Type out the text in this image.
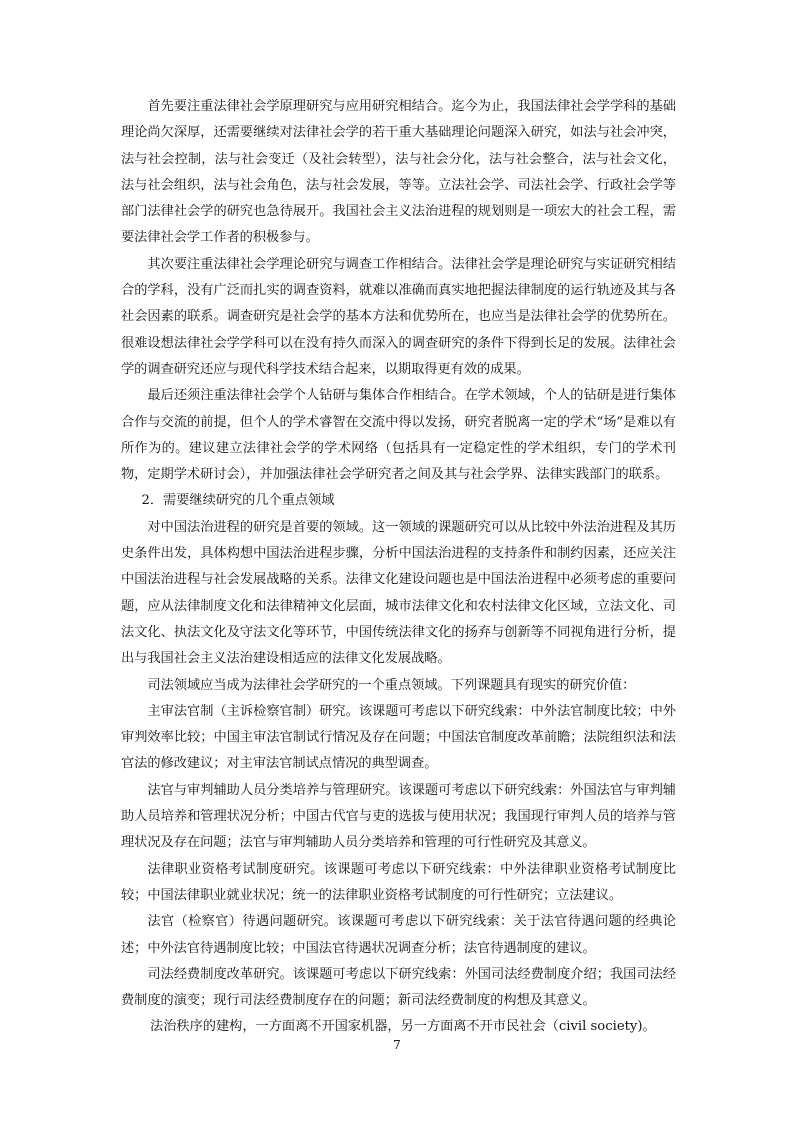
首先要注重法律社会学原理研究与应用研究相结合。迄今为止，我国法律社会学学科的基础理论尚欠深厚，还需要继续对法律社会学的若干重大基础理论问题深入研究，如法与社会冲突，法与社会控制，法与社会变迁（及社会转型），法与社会分化，法与社会整合，法与社会文化，法与社会组织，法与社会角色，法与社会发展，等等。立法社会学、司法社会学、行政社会学等部门法律社会学的研究也急待展开。我国社会主义法治进程的规划则是一项宏大的社会工程，需要法律社会学工作者的积极参与。

其次要注重法律社会学理论研究与调查工作相结合。法律社会学是理论研究与实证研究相结合的学科，没有广泛而扎实的调查资料，就难以准确而真实地把握法律制度的运行轨迹及其与各社会因素的联系。调查研究是社会学的基本方法和优势所在，也应当是法律社会学的优势所在。很难设想法律社会学学科可以在没有持久而深入的调查研究的条件下得到长足的发展。法律社会学的调查研究还应与现代科学技术结合起来，以期取得更有效的成果。

最后还须注重法律社会学个人钻研与集体合作相结合。在学术领域，个人的钻研是进行集体合作与交流的前提，但个人的学术睿智在交流中得以发扬，研究者脱离一定的学术“场”是难以有所作为的。建议建立法律社会学的学术网络（包括具有一定稳定性的学术组织，专门的学术刊物，定期学术研讨会），并加强法律社会学研究者之间及其与社会学界、法律实践部门的联系。

2．需要继续研究的几个重点领域

对中国法治进程的研究是首要的领域。这一领域的课题研究可以从比较中外法治进程及其历史条件出发，具体构想中国法治进程步骤，分析中国法治进程的支持条件和制约因素，还应关注中国法治进程与社会发展战略的关系。法律文化建设问题也是中国法治进程中必须考虑的重要问题，应从法律制度文化和法律精神文化层面，城市法律文化和农村法律文化区域，立法文化、司法文化、执法文化及守法文化等环节，中国传统法律文化的扬弃与创新等不同视角进行分析，提出与我国社会主义法治建设相适应的法律文化发展战略。

司法领域应当成为法律社会学研究的一个重点领域。下列课题具有现实的研究价值：

主审法官制（主诉检察官制）研究。该课题可考虑以下研究线索：中外法官制度比较；中外审判效率比较；中国主审法官制试行情况及存在问题；中国法官制度改革前瞻；法院组织法和法官法的修改建议；对主审法官制试点情况的典型调查。

法官与审判辅助人员分类培养与管理研究。该课题可考虑以下研究线索：外国法官与审判辅助人员培养和管理状况分析；中国古代官与吏的选拔与使用状况；我国现行审判人员的培养与管理状况及存在问题；法官与审判辅助人员分类培养和管理的可行性研究及其意义。

法律职业资格考试制度研究。该课题可考虑以下研究线索：中外法律职业资格考试制度比较；中国法律职业就业状况；统一的法律职业资格考试制度的可行性研究；立法建议。

法官（检察官）待遇问题研究。该课题可考虑以下研究线索：关于法官待遇问题的经典论述；中外法官待遇制度比较；中国法官待遇状况调查分析；法官待遇制度的建议。

司法经费制度改革研究。该课题可考虑以下研究线索：外国司法经费制度介绍；我国司法经费制度的演变；现行司法经费制度存在的问题；新司法经费制度的构想及其意义。

法治秩序的建构，一方面离不开国家机器，另一方面离不开市民社会（civil society)。

7
